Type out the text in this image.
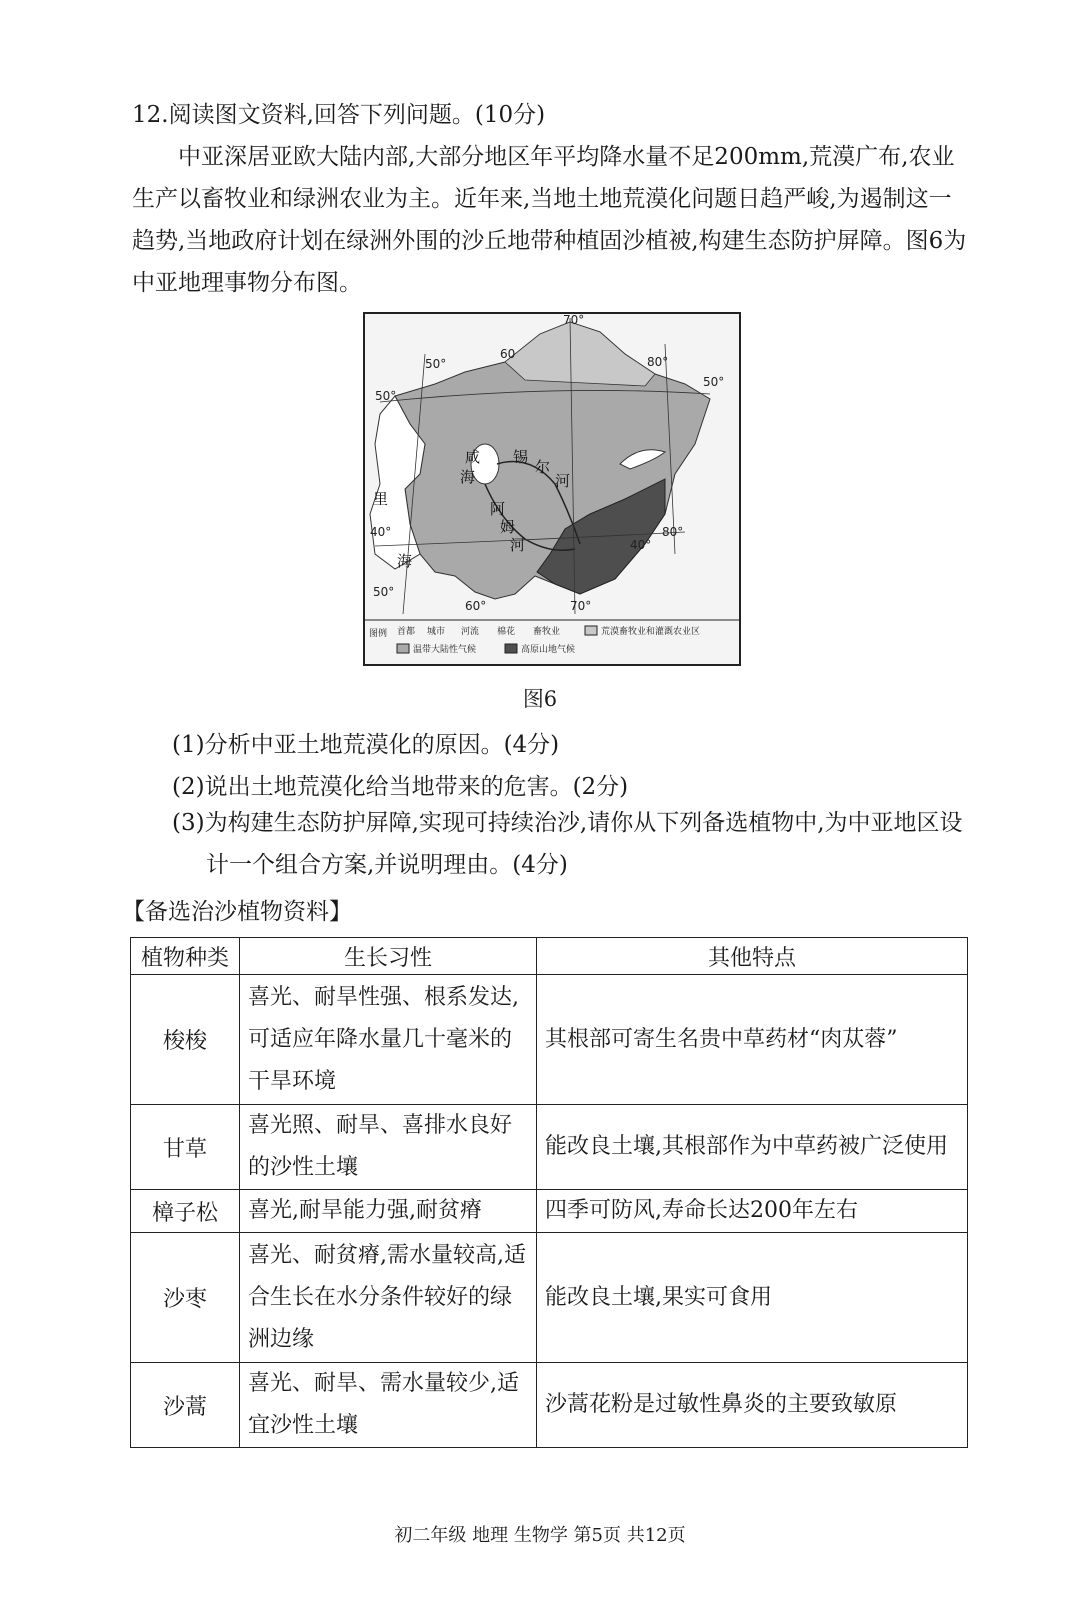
12.阅读图文资料,回答下列问题。(10分)
中亚深居亚欧大陆内部,大部分地区年平均降水量不足200mm,荒漠广布,农业生产以畜牧业和绿洲农业为主。近年来,当地土地荒漠化问题日趋严峻,为遏制这一趋势,当地政府计划在绿洲外围的沙丘地带种植固沙植被,构建生态防护屏障。图6为中亚地理事物分布图。
50°
50°
50°
40°
40°
50°
70°
60
80°
60°	70°
80°
咸
海
锡
尔
河
阿
姆
河
里
海
图例 首都 城市 河流 棉花 畜牧业	荒漠畜牧业和灌溉农业区
温带大陆性气候	高原山地气候
图6
(1)分析中亚土地荒漠化的原因。(4分)
(2)说出土地荒漠化给当地带来的危害。(2分)
(3)为构建生态防护屏障,实现可持续治沙,请你从下列备选植物中,为中亚地区设
计一个组合方案,并说明理由。(4分)
【备选治沙植物资料】
植物种类	生长习性	其他特点
梭梭	喜光、耐旱性强、根系发达,可适应年降水量几十毫米的干旱环境	其根部可寄生名贵中草药材“肉苁蓉”
甘草	喜光照、耐旱、喜排水良好的沙性土壤	能改良土壤,其根部作为中草药被广泛使用
樟子松	喜光,耐旱能力强,耐贫瘠	四季可防风,寿命长达200年左右
沙枣	喜光、耐贫瘠,需水量较高,适合生长在水分条件较好的绿洲边缘	能改良土壤,果实可食用
沙蒿	喜光、耐旱、需水量较少,适宜沙性土壤	沙蒿花粉是过敏性鼻炎的主要致敏原
初二年级 地理 生物学 第5页 共12页
